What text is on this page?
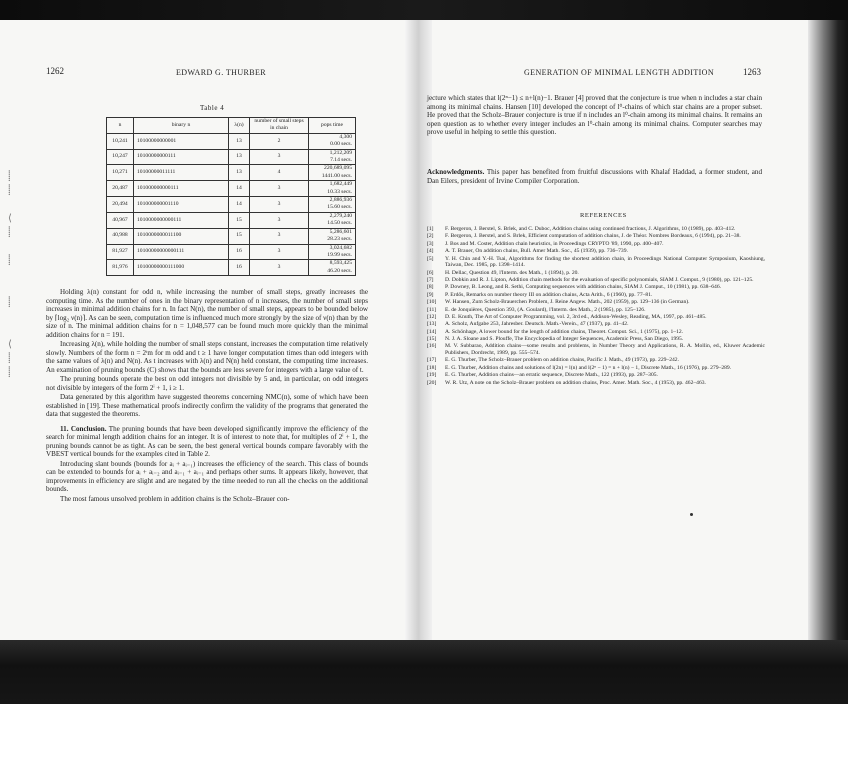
⸽
⸽

⟨
⸽

⸽

⸽

⟨
⸽
⸽
1262	EDWARD G. THURBER
Table 4
n	binary n	λ(n)	number of small steps in chain	pops time
10,241	10100000000001	13	2	4,300
0.00 secs.
10,247	10100000000111	13	3	1,212,209
7.14 secs.
10,271	10100000011111	13	4	220,689,095
1441.00 secs.
20,487	101000000000111	14	3	1,682,449
10.33 secs.
20,494	101000000001110	14	3	2,886,936
15.60 secs.
40,967	1010000000000111	15	3	2,279,240
14.50 secs.
40,988	1010000000011100	15	3	5,286,601
28.23 secs.
81,927	10100000000000111	16	3	3,024,682
19.99 secs.
81,976	10100000000111000	16	3	8,593,425
46.20 secs.

Holding λ(n) constant for odd n, while increasing the number of small steps, greatly increases the computing time. As the number of ones in the binary representation of n increases, the number of small steps increases in minimal addition chains for n. In fact N(n), the number of small steps, appears to be bounded below by ⌈log₂ ν(n)⌉. As can be seen, computation time is influenced much more strongly by the size of ν(n) than by the size of n. The minimal addition chains for n = 1,048,577 can be found much more quickly than the minimal addition chains for n = 191.

Increasing λ(n), while holding the number of small steps constant, increases the computation time relatively slowly. Numbers of the form n = 2ᵗm for m odd and t ≥ 1 have longer computation times than odd integers with the same values of λ(n) and N(n). As t increases with λ(n) and N(n) held constant, the computing time increases. An examination of pruning bounds (C) shows that the bounds are less severe for integers with a large value of t.

The pruning bounds operate the best on odd integers not divisible by 5 and, in particular, on odd integers not divisible by integers of the form 2ⁱ + 1, i ≥ 1.

Data generated by this algorithm have suggested theorems concerning NMC(n), some of which have been established in [19]. These mathematical proofs indirectly confirm the validity of the programs that generated the data that suggested the theorems.

11. Conclusion. The pruning bounds that have been developed significantly improve the efficiency of the search for minimal length addition chains for an integer. It is of interest to note that, for multiples of 2ⁱ + 1, the pruning bounds cannot be as tight. As can be seen, the best general vertical bounds compare favorably with the VBEST vertical bounds for the examples cited in Table 2.

Introducing slant bounds (bounds for aᵢ + aᵢ₋₁) increases the efficiency of the search. This class of bounds can be extended to bounds for aᵢ + aᵢ₋₂ and aᵢ₋₁ + aᵢ₋₁ and perhaps other sums. It appears likely, however, that improvements in efficiency are slight and are negated by the time needed to run all the checks on the additional bounds.

The most famous unsolved problem in addition chains is the Scholz–Brauer con-

GENERATION OF MINIMAL LENGTH ADDITION	1263

jecture which states that l(2ⁿ−1) ≤ n+l(n)−1. Brauer [4] proved that the conjecture is true when n includes a star chain among its minimal chains. Hansen [10] developed the concept of l⁰-chains of which star chains are a proper subset. He proved that the Scholz–Brauer conjecture is true if n includes an l⁰-chain among its minimal chains. It remains an open question as to whether every integer includes an l⁰-chain among its minimal chains. Computer searches may prove useful in helping to settle this question.

Acknowledgments. This paper has benefited from fruitful discussions with Khalaf Haddad, a former student, and Dan Eilers, president of Irvine Compiler Corporation.
REFERENCES
[1]	F. Bergeron, J. Berstel, S. Brlek, and C. Duboc, Addition chains using continued fractions, J. Algorithms, 10 (1989), pp. 403–412.
[2]	F. Bergeron, J. Berstel, and S. Brlek, Efficient computation of addition chains, J. de Théor. Nombres Bordeaux, 6 (1994), pp. 21–38.
[3]	J. Bos and M. Coster, Addition chain heuristics, in Proceedings CRYPTO '89, 1990, pp. 400–407.
[4]	A. T. Brauer, On addition chains, Bull. Amer Math. Soc., 45 (1939), pp. 736–739.
[5]	Y. H. Chin and Y.-H. Tsai, Algorithms for finding the shortest addition chain, in Proceedings National Computer Symposium, Kaoshiung, Taiwan, Dec. 1985, pp. 1398–1414.
[6]	H. Dellac, Question 49, l'Interm. des Math., 1 (1894), p. 20.
[7]	D. Dobkin and R. J. Lipton, Addition chain methods for the evaluation of specific polynomials, SIAM J. Comput., 9 (1980), pp. 121–125.
[8]	P. Downey, B. Leong, and R. Sethi, Computing sequences with addition chains, SIAM J. Comput., 10 (1981), pp. 638–646.
[9]	P. Erdős, Remarks on number theory III on addition chains, Acta Arith., 6 (1960), pp. 77–81.
[10]	W. Hansen, Zum Scholz-Brauerchen Problem, J. Reine Angew. Math., 202 (1959), pp. 129–136 (in German).
[11]	E. de Jonquières, Question 393, (A. Goulard), l'Interm. des Math., 2 (1985), pp. 125–126.
[12]	D. E. Knuth, The Art of Computer Programming, vol. 2, 3rd ed., Addison-Wesley, Reading, MA, 1997, pp. 461–485.
[13]	A. Scholz, Aufgabe 253, Jahresber. Deutsch. Math.-Verein., 47 (1937), pp. 41–42.
[14]	A. Schönhage, A lower bound for the length of addition chains, Theoret. Comput. Sci., 1 (1975), pp. 1–12.
[15]	N. J. A. Sloane and S. Plouffe, The Encyclopedia of Integer Sequences, Academic Press, San Diego, 1995.
[16]	M. V. Subbarao, Addition chains—some results and problems, in Number Theory and Applications, R. A. Mollin, ed., Kluwer Academic Publishers, Dordrecht, 1989, pp. 555–574.
[17]	E. G. Thurber, The Scholz–Brauer problem on addition chains, Pacific J. Math., 49 (1973), pp. 229–242.
[18]	E. G. Thurber, Addition chains and solutions of l(2n) = l(n) and l(2ⁿ − 1) = n + l(n) − 1, Discrete Math., 16 (1976), pp. 279–289.
[19]	E. G. Thurber, Addition chains—an erratic sequence, Discrete Math., 122 (1993), pp. 287–305.
[20]	W. R. Utz, A note on the Scholz–Brauer problem on addition chains, Proc. Amer. Math. Soc., 4 (1953), pp. 462–463.
